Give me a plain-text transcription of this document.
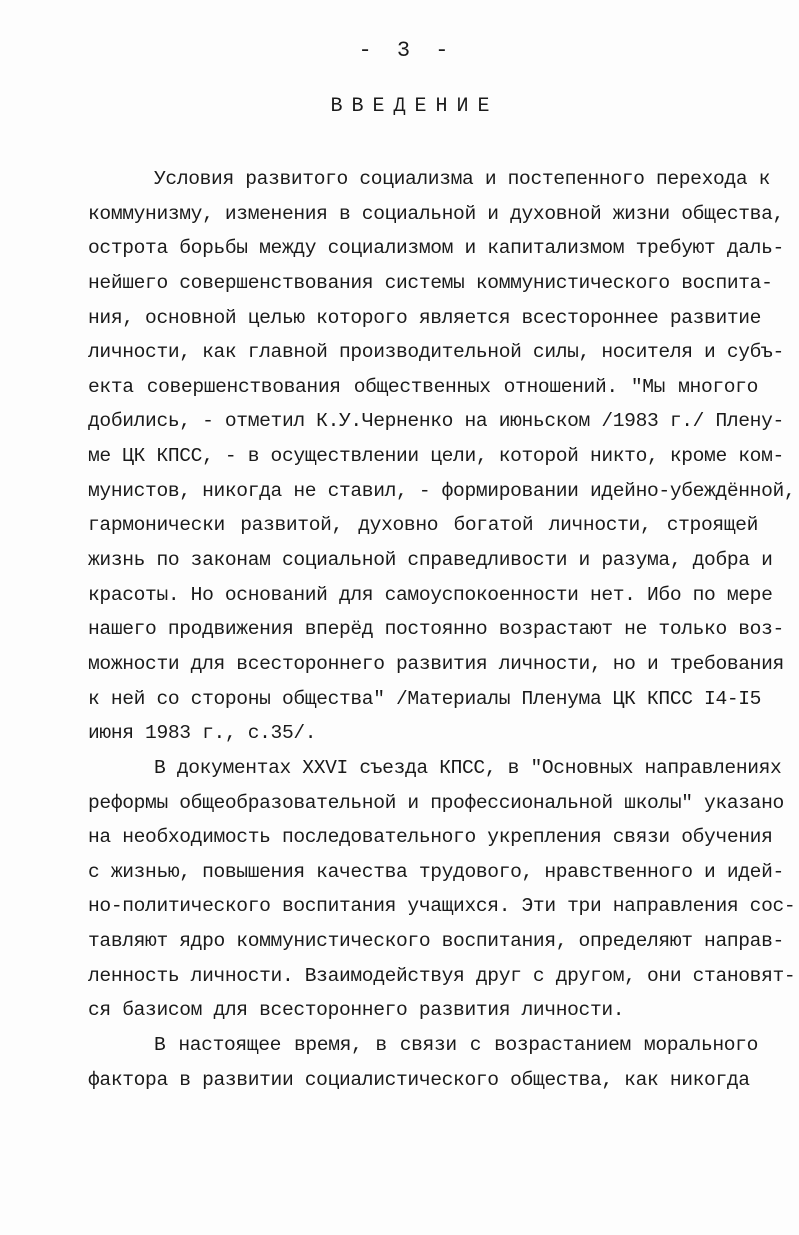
- 3 -
ВВЕДЕНИЕ
Условия развитого социализма и постепенного перехода к
коммунизму, изменения в социальной и духовной жизни общества,
острота борьбы между социализмом и капитализмом требуют даль-
нейшего совершенствования системы коммунистического воспита-
ния, основной целью которого является всестороннее развитие
личности, как главной производительной силы, носителя и субъ-
екта совершенствования общественных отношений. "Мы многого
добились, - отметил К.У.Черненко на июньском /1983 г./ Плену-
ме ЦК КПСС, - в осуществлении цели, которой никто, кроме ком-
мунистов, никогда не ставил, - формировании идейно-убеждённой,
гармонически развитой, духовно богатой личности, строящей
жизнь по законам социальной справедливости и разума, добра и
красоты. Но оснований для самоуспокоенности нет. Ибо по мере
нашего продвижения вперёд постоянно возрастают не только воз-
можности для всестороннего развития личности, но и требования
к ней со стороны общества" /Материалы Пленума ЦК КПСС I4-I5
июня 1983 г., с.35/.
В документах XXVI съезда КПСС, в "Основных направлениях
реформы общеобразовательной и профессиональной школы" указано
на необходимость последовательного укрепления связи обучения
с жизнью, повышения качества трудового, нравственного и идей-
но-политического воспитания учащихся. Эти три направления сос-
тавляют ядро коммунистического воспитания, определяют направ-
ленность личности. Взаимодействуя друг с другом, они становят-
ся базисом для всестороннего развития личности.
В настоящее время, в связи с возрастанием морального
фактора в развитии социалистического общества, как никогда
